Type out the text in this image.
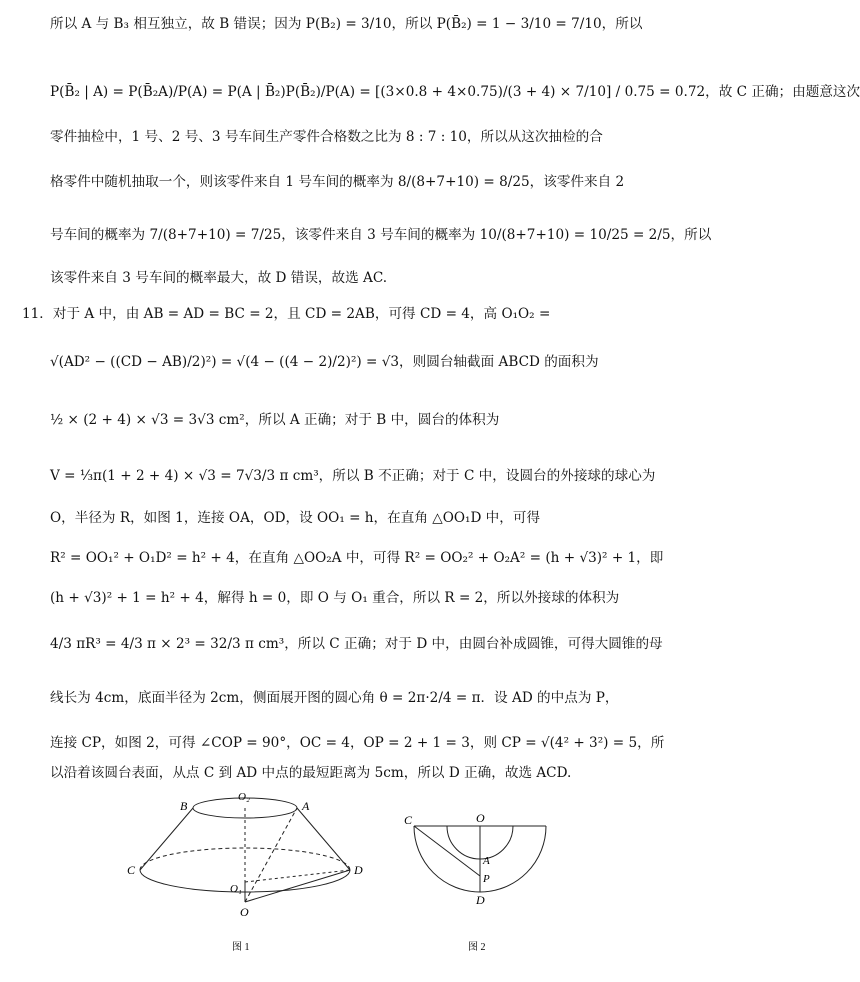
所以 A 与 B₃ 相互独立，故 B 错误；因为 P(B₂) = 3/10，所以 P(B̄₂) = 1 − 3/10 = 7/10，所以
P(B̄₂ | A) = P(B̄₂A)/P(A) = P(A | B̄₂)P(B̄₂)/P(A) = [(3×0.8 + 4×0.75)/(3 + 4) × 7/10] / 0.75 = 0.72，故 C 正确；由题意这次
零件抽检中，1 号、2 号、3 号车间生产零件合格数之比为 8 : 7 : 10，所以从这次抽检的合
格零件中随机抽取一个，则该零件来自 1 号车间的概率为 8/(8+7+10) = 8/25，该零件来自 2
号车间的概率为 7/(8+7+10) = 7/25，该零件来自 3 号车间的概率为 10/(8+7+10) = 10/25 = 2/5，所以
该零件来自 3 号车间的概率最大，故 D 错误，故选 AC.
11．对于 A 中，由 AB = AD = BC = 2，且 CD = 2AB，可得 CD = 4，高 O₁O₂ =
√(AD² − ((CD − AB)/2)²) = √(4 − ((4 − 2)/2)²) = √3，则圆台轴截面 ABCD 的面积为
½ × (2 + 4) × √3 = 3√3 cm²，所以 A 正确；对于 B 中，圆台的体积为
V = ⅓π(1 + 2 + 4) × √3 = 7√3/3 π cm³，所以 B 不正确；对于 C 中，设圆台的外接球的球心为
O，半径为 R，如图 1，连接 OA，OD，设 OO₁ = h，在直角 △OO₁D 中，可得
R² = OO₁² + O₁D² = h² + 4，在直角 △OO₂A 中，可得 R² = OO₂² + O₂A² = (h + √3)² + 1，即
(h + √3)² + 1 = h² + 4，解得 h = 0，即 O 与 O₁ 重合，所以 R = 2，所以外接球的体积为
4/3 πR³ = 4/3 π × 2³ = 32/3 π cm³，所以 C 正确；对于 D 中，由圆台补成圆锥，可得大圆锥的母
线长为 4cm，底面半径为 2cm，侧面展开图的圆心角 θ = 2π·2/4 = π．设 AD 的中点为 P，
连接 CP，如图 2，可得 ∠COP = 90°，OC = 4，OP = 2 + 1 = 3，则 CP = √(4² + 3²) = 5，所
以沿着该圆台表面，从点 C 到 AD 中点的最短距离为 5cm，所以 D 正确，故选 ACD.
B
O₂
A
C
O₁
D
O
图 1
C	O
A
P
D
图 2
